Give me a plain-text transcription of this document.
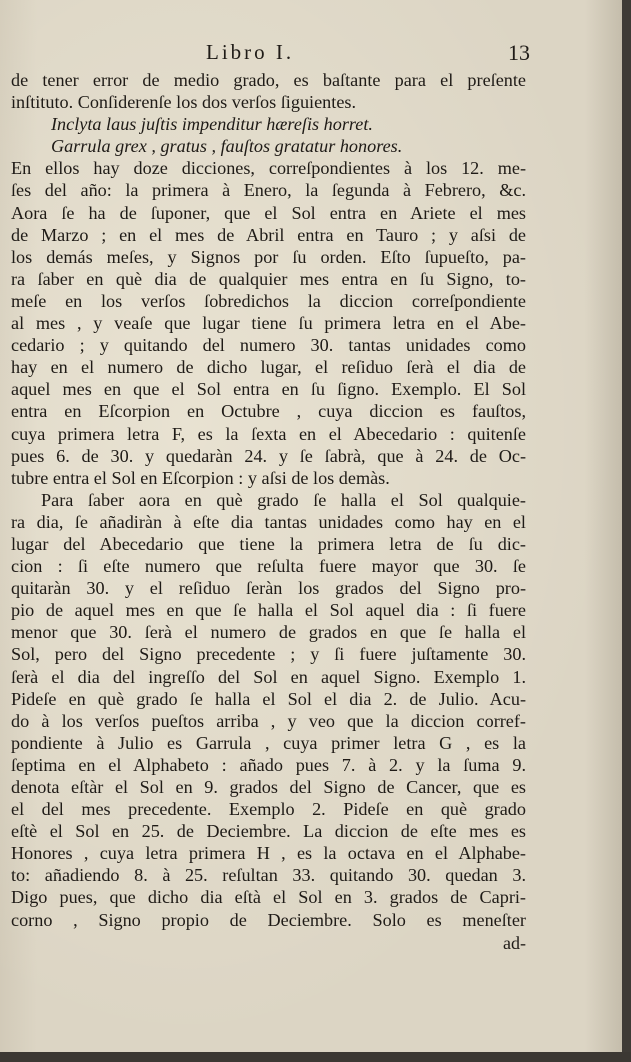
Libro I.	13
de tener error de medio grado, es baſtante para el preſente
inſtituto. Conſiderenſe los dos verſos ſiguientes.
Inclyta laus juſtis impenditur hæreſis horret.
Garrula grex , gratus , fauſtos gratatur honores.
En ellos hay doze dicciones, correſpondientes à los 12. me-
ſes del año: la primera à Enero, la ſegunda à Febrero, &c.
Aora ſe ha de ſuponer, que el Sol entra en Ariete el mes
de Marzo ; en el mes de Abril entra en Tauro ; y aſsi de
los demás meſes, y Signos por ſu orden. Eſto ſupueſto, pa-
ra ſaber en què dia de qualquier mes entra en ſu Signo, to-
meſe en los verſos ſobredichos la diccion correſpondiente
al mes , y veaſe que lugar tiene ſu primera letra en el Abe-
cedario ; y quitando del numero 30. tantas unidades como
hay en el numero de dicho lugar, el reſiduo ſerà el dia de
aquel mes en que el Sol entra en ſu ſigno. Exemplo. El Sol
entra en Eſcorpion en Octubre , cuya diccion es fauſtos,
cuya primera letra F, es la ſexta en el Abecedario : quitenſe
pues 6. de 30. y quedaràn 24. y ſe ſabrà, que à 24. de Oc-
tubre entra el Sol en Eſcorpion : y aſsi de los demàs.
Para ſaber aora en què grado ſe halla el Sol qualquie-
ra dia, ſe añadiràn à eſte dia tantas unidades como hay en el
lugar del Abecedario que tiene la primera letra de ſu dic-
cion : ſi eſte numero que reſulta fuere mayor que 30. ſe
quitaràn 30. y el reſiduo ſeràn los grados del Signo pro-
pio de aquel mes en que ſe halla el Sol aquel dia : ſi fuere
menor que 30. ſerà el numero de grados en que ſe halla el
Sol, pero del Signo precedente ; y ſi fuere juſtamente 30.
ſerà el dia del ingreſſo del Sol en aquel Signo. Exemplo 1.
Pideſe en què grado ſe halla el Sol el dia 2. de Julio. Acu-
do à los verſos pueſtos arriba , y veo que la diccion corref-
pondiente à Julio es Garrula , cuya primer letra G , es la
ſeptima en el Alphabeto : añado pues 7. à 2. y la ſuma 9.
denota eſtàr el Sol en 9. grados del Signo de Cancer, que es
el del mes precedente. Exemplo 2. Pideſe en què grado
eſtè el Sol en 25. de Deciembre. La diccion de eſte mes es
Honores , cuya letra primera H , es la octava en el Alphabe-
to: añadiendo 8. à 25. reſultan 33. quitando 30. quedan 3.
Digo pues, que dicho dia eſtà el Sol en 3. grados de Capri-
corno , Signo propio de Deciembre. Solo es meneſter
ad-
